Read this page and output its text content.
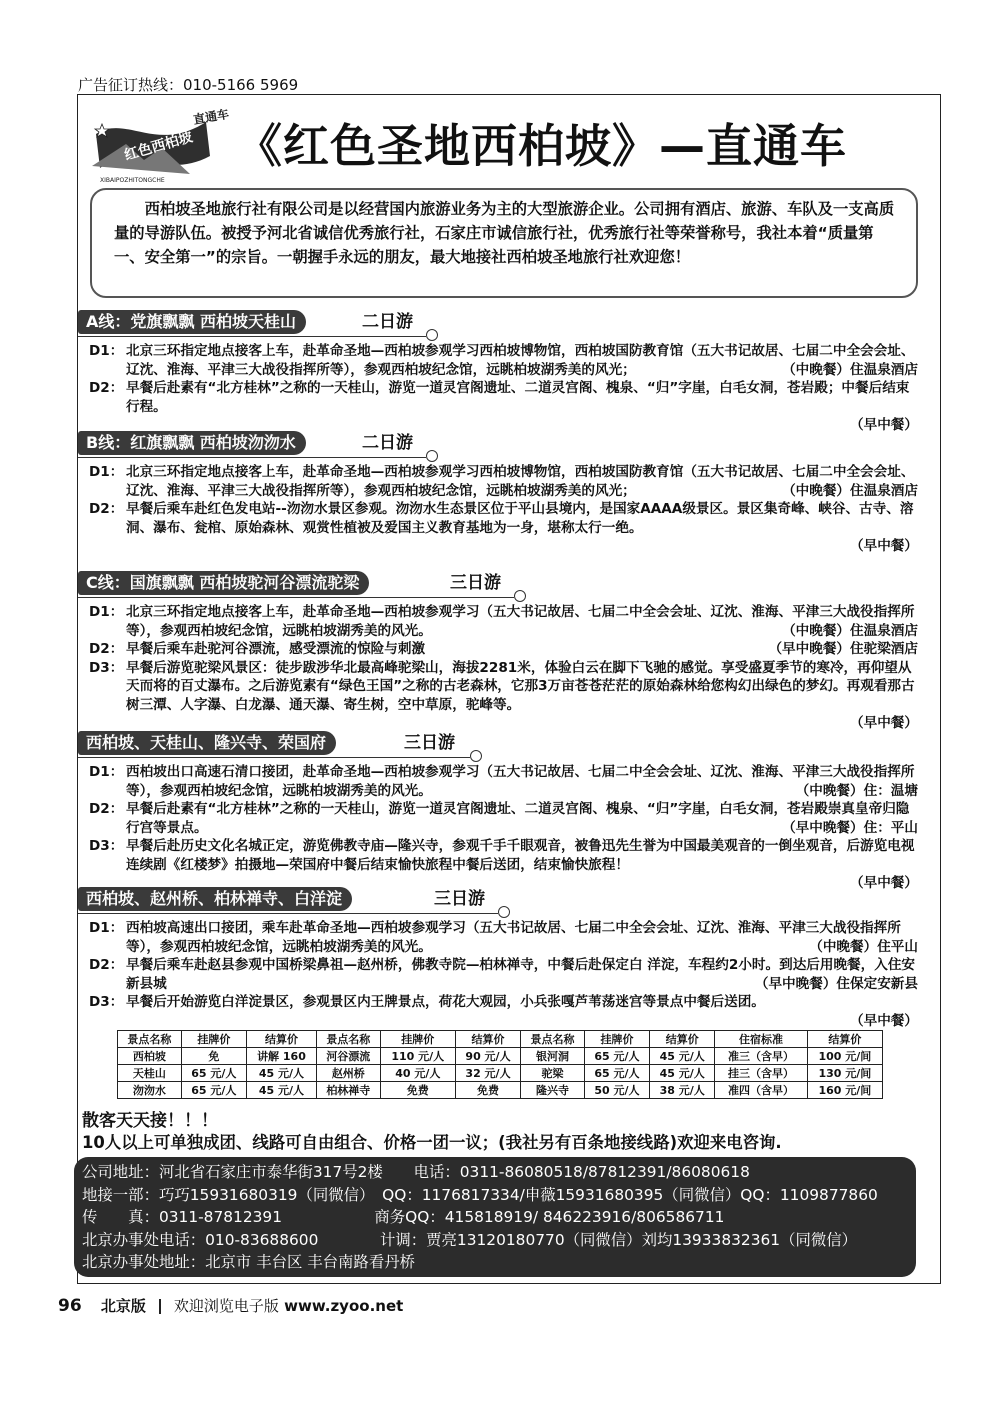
广告征订热线：010-5166 5969
红色西柏坡
XIBAIPOZHITONGCHE
直通车
《红色圣地西柏坡》—直通车

西柏坡圣地旅行社有限公司是以经营国内旅游业务为主的大型旅游企业。公司拥有酒店、旅游、车队及一支高质量的导游队伍。被授予河北省诚信优秀旅行社，石家庄市诚信旅行社，优秀旅行社等荣誉称号，我社本着“质量第一、安全第一”的宗旨。一朝握手永远的朋友，最大地接社西柏坡圣地旅行社欢迎您！

A线：党旗飘飘 西柏坡天桂山	二日游
D1： 北京三环指定地点接客上车，赴革命圣地—西柏坡参观学习西柏坡博物馆，西柏坡国防教育馆（五大书记故居、七届二中全会会址、辽沈、淮海、平津三大战役指挥所等），参观西柏坡纪念馆，远眺柏坡湖秀美的风光；	（中晚餐）住温泉酒店
D2： 早餐后赴素有“北方桂林”之称的一天桂山，游览一道灵宫阁遗址、二道灵宫阁、槐泉、“归”字崖，白毛女洞，苍岩殿；中餐后结束行程。
（早中餐）
B线：红旗飘飘 西柏坡沕沕水	二日游
D1： 北京三环指定地点接客上车，赴革命圣地—西柏坡参观学习西柏坡博物馆，西柏坡国防教育馆（五大书记故居、七届二中全会会址、辽沈、淮海、平津三大战役指挥所等），参观西柏坡纪念馆，远眺柏坡湖秀美的风光；	（中晚餐）住温泉酒店
D2： 早餐后乘车赴红色发电站--沕沕水景区参观。沕沕水生态景区位于平山县境内，是国家AAAA级景区。景区集奇峰、峡谷、古寺、溶洞、瀑布、瓮棺、原始森林、观赏性植被及爱国主义教育基地为一身，堪称太行一绝。
（早中餐）
C线：国旗飘飘 西柏坡驼河谷漂流驼梁	三日游
D1： 北京三环指定地点接客上车，赴革命圣地—西柏坡参观学习（五大书记故居、七届二中全会会址、辽沈、淮海、平津三大战役指挥所等），参观西柏坡纪念馆，远眺柏坡湖秀美的风光。	（中晚餐）住温泉酒店
D2： 早餐后乘车赴驼河谷漂流，感受漂流的惊险与刺激	（早中晚餐）住驼梁酒店
D3： 早餐后游览驼梁风景区：徒步跋涉华北最高峰驼梁山，海拔2281米，体验白云在脚下飞驰的感觉。享受盛夏季节的寒冷，再仰望从天而将的百丈瀑布。之后游览素有“绿色王国”之称的古老森林，它那3万亩苍苍茫茫的原始森林给您构幻出绿色的梦幻。再观看那古树三潭、人字瀑、白龙瀑、通天瀑、寄生树，空中草原，驼峰等。
（早中餐）
西柏坡、天桂山、隆兴寺、荣国府	三日游
D1： 西柏坡出口高速石清口接团，赴革命圣地—西柏坡参观学习（五大书记故居、七届二中全会会址、辽沈、淮海、平津三大战役指挥所等），参观西柏坡纪念馆，远眺柏坡湖秀美的风光。	（中晚餐）住：温塘
D2： 早餐后赴素有“北方桂林”之称的一天桂山，游览一道灵宫阁遗址、二道灵宫阁、槐泉、“归”字崖，白毛女洞，苍岩殿崇真皇帝归隐行宫等景点。	（早中晚餐）住：平山
D3： 早餐后赴历史文化名城正定，游览佛教寺庙—隆兴寺，参观千手千眼观音，被鲁迅先生誉为中国最美观音的一倒坐观音，后游览电视连续剧《红楼梦》拍摄地—荣国府中餐后结束愉快旅程中餐后送团，结束愉快旅程！
（早中餐）
西柏坡、赵州桥、柏林禅寺、白洋淀	三日游
D1： 西柏坡高速出口接团，乘车赴革命圣地—西柏坡参观学习（五大书记故居、七届二中全会会址、辽沈、淮海、平津三大战役指挥所等），参观西柏坡纪念馆，远眺柏坡湖秀美的风光。	（中晚餐）住平山
D2： 早餐后乘车赴赵县参观中国桥梁鼻祖—赵州桥，佛教寺院—柏林禅寺，中餐后赴保定白 洋淀，车程约2小时。到达后用晚餐，入住安新县城	（早中晚餐）住保定安新县
D3： 早餐后开始游览白洋淀景区，参观景区内王牌景点，荷花大观园，小兵张嘎芦苇荡迷宫等景点中餐后送团。
（早中餐）
景点名称	挂牌价	结算价	景点名称	挂牌价	结算价	景点名称	挂牌价	结算价	住宿标准	结算价
西柏坡	免	讲解 160	河谷漂流	110 元/人	90 元/人	银河洞	65 元/人	45 元/人	准三（含早）	100 元/间
天桂山	65 元/人	45 元/人	赵州桥	40 元/人	32 元/人	驼梁	65 元/人	45 元/人	挂三（含早）	130 元/间
沕沕水	65 元/人	45 元/人	柏林禅寺	免费	免费	隆兴寺	50 元/人	38 元/人	准四（含早）	160 元/间
散客天天接！！！
10人以上可单独成团、线路可自由组合、价格一团一议；(我社另有百条地接线路)欢迎来电咨询.
公司地址：河北省石家庄市泰华街317号2楼　　电话：0311-86080518/87812391/86080618
地接一部：巧巧15931680319（同微信）　QQ：1176817334/申薇15931680395（同微信）QQ：1109877860
传　　真：0311-87812391　　　　　　商务QQ：415818919/ 846223916/806586711
北京办事处电话：010-83688600　　　　计调：贾亮13120180770（同微信）刘均13933832361（同微信）
北京办事处地址：北京市 丰台区 丰台南路看丹桥
96 北京版 欢迎浏览电子版 www.zyoo.net
